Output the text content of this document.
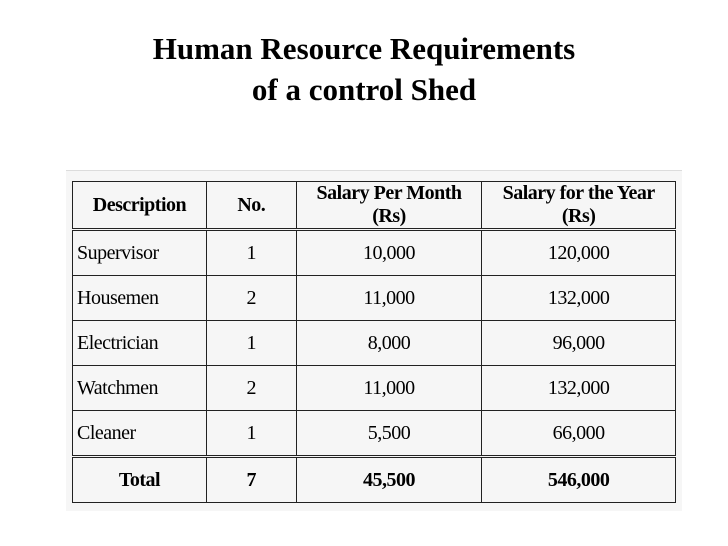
Human Resource Requirements
of a control Shed
Description	No.	Salary Per Month (Rs)	Salary for the Year (Rs)
Supervisor	1	10,000	120,000
Housemen	2	11,000	132,000
Electrician	1	8,000	96,000
Watchmen	2	11,000	132,000
Cleaner	1	5,500	66,000
Total	7	45,500	546,000
